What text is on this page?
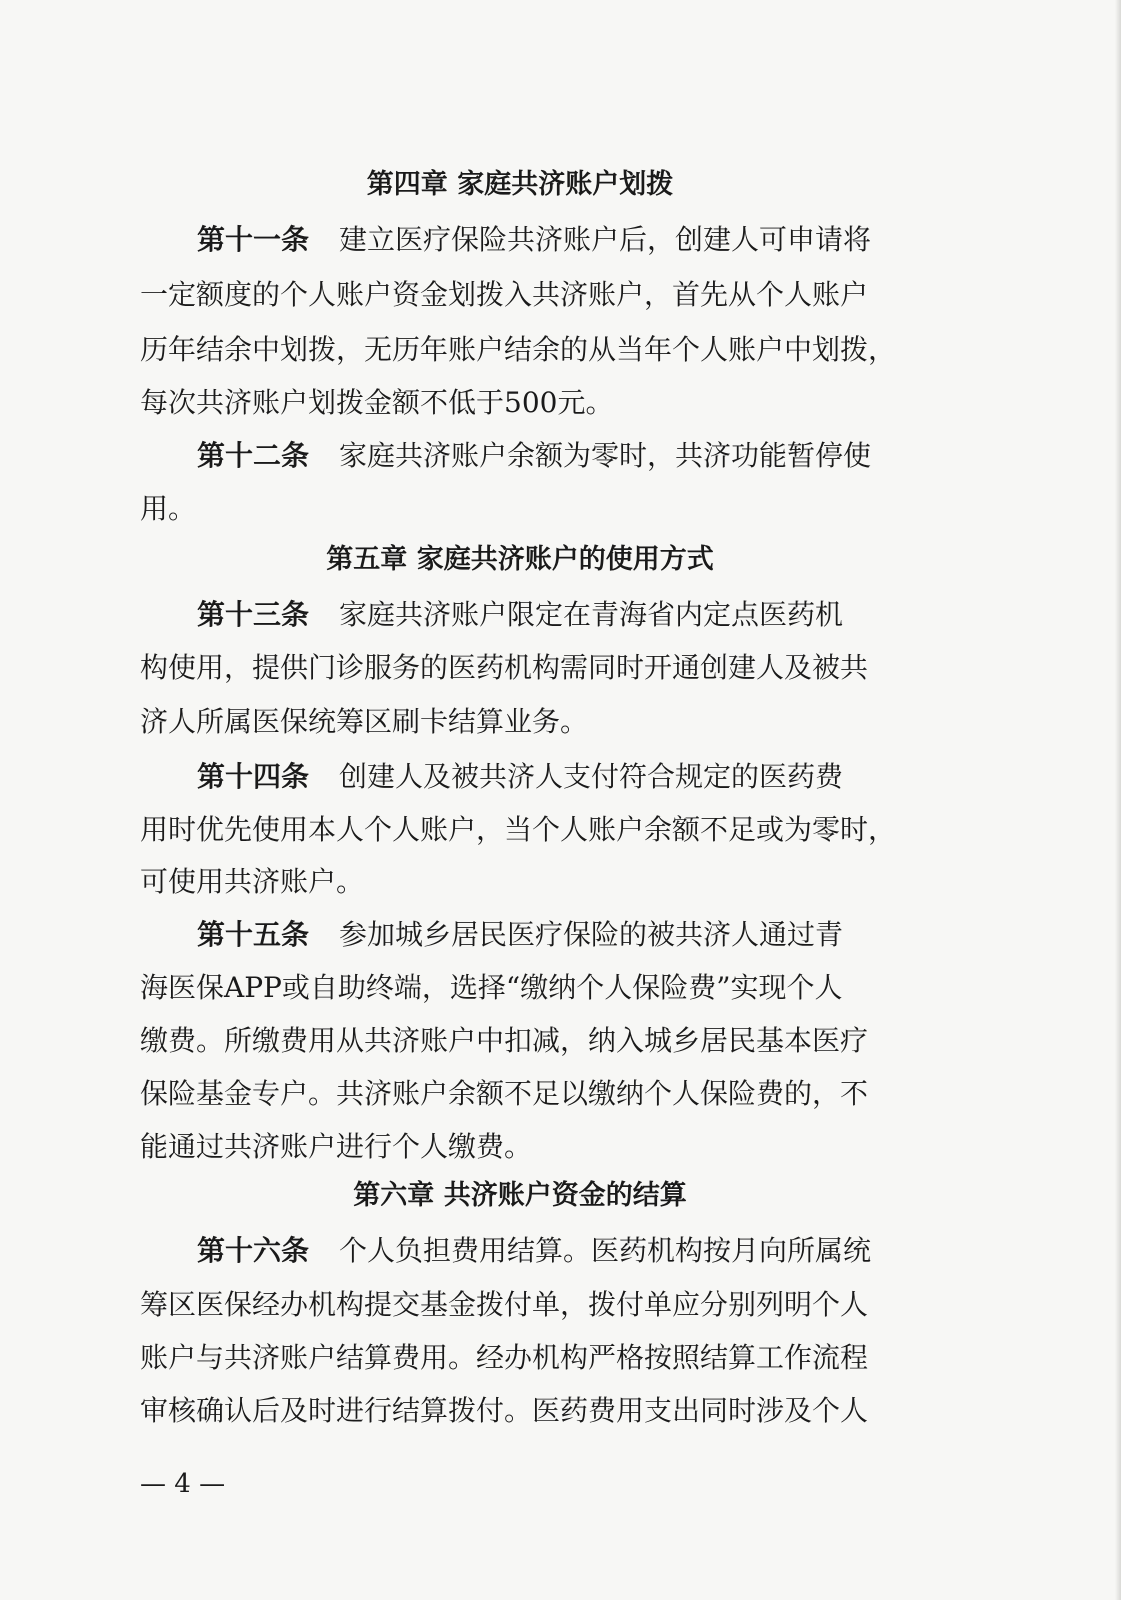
第四章 家庭共济账户划拨
第十一条 建立医疗保险共济账户后，创建人可申请将
一定额度的个人账户资金划拨入共济账户，首先从个人账户
历年结余中划拨，无历年账户结余的从当年个人账户中划拨，
每次共济账户划拨金额不低于500元。
第十二条 家庭共济账户余额为零时，共济功能暂停使
用。
第五章 家庭共济账户的使用方式
第十三条 家庭共济账户限定在青海省内定点医药机
构使用，提供门诊服务的医药机构需同时开通创建人及被共
济人所属医保统筹区刷卡结算业务。
第十四条 创建人及被共济人支付符合规定的医药费
用时优先使用本人个人账户，当个人账户余额不足或为零时，
可使用共济账户。
第十五条 参加城乡居民医疗保险的被共济人通过青
海医保APP或自助终端，选择“缴纳个人保险费”实现个人
缴费。所缴费用从共济账户中扣减，纳入城乡居民基本医疗
保险基金专户。共济账户余额不足以缴纳个人保险费的，不
能通过共济账户进行个人缴费。
第六章 共济账户资金的结算
第十六条 个人负担费用结算。医药机构按月向所属统
筹区医保经办机构提交基金拨付单，拨付单应分别列明个人
账户与共济账户结算费用。经办机构严格按照结算工作流程
审核确认后及时进行结算拨付。医药费用支出同时涉及个人
— 4 —
